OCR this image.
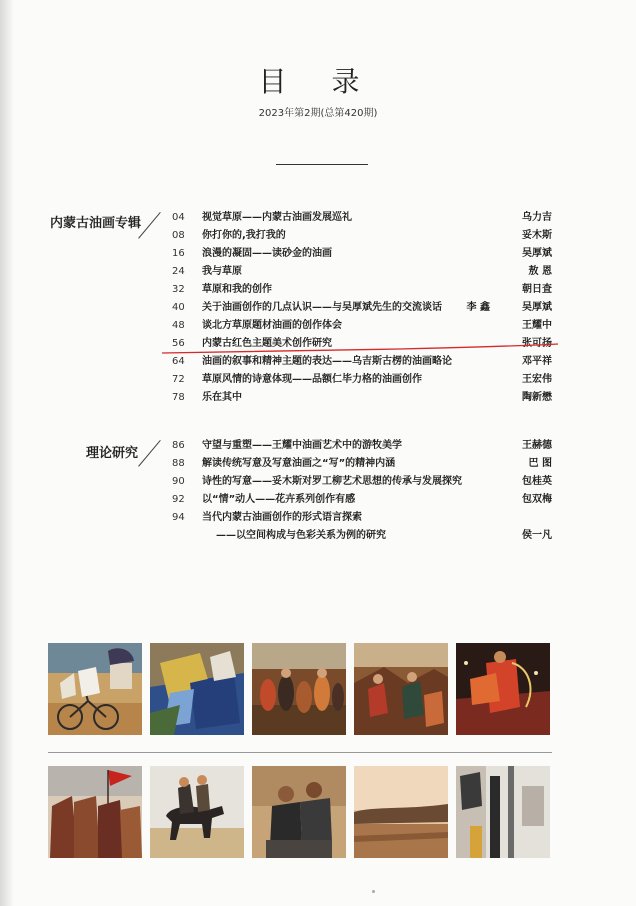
目 录
2023年第2期(总第420期)
内蒙古油画专辑	04	视觉草原——内蒙古油画发展巡礼	乌力吉
08	你打你的,我打我的	妥木斯
16	浪漫的凝固——读砂金的油画	吴厚斌
24	我与草原	敖 恩
32	草原和我的创作	朝日査
40	关于油画创作的几点认识——与吴厚斌先生的交流谈话 李 鑫	吴厚斌
48	谈北方草原题材油画的创作体会	王耀中
56	内蒙古红色主题美术创作研究	张可扬
64	油画的叙事和精神主题的表达——乌吉斯古楞的油画略论	邓平祥
72	草原风情的诗意体现——品额仁毕力格的油画创作	王宏伟
78	乐在其中	陶新懋
理论研究
86	守望与重塑——王耀中油画艺术中的游牧美学	王赫德
88	解读传统写意及写意油画之“写”的精神内涵	巴 图
90	诗性的写意——妥木斯对罗工柳艺术思想的传承与发展探究	包桂英
92	以“情”动人——花卉系列创作有感	包双梅
94	当代内蒙古油画创作的形式语言探索
——以空间构成与色彩关系为例的研究	侯一凡
